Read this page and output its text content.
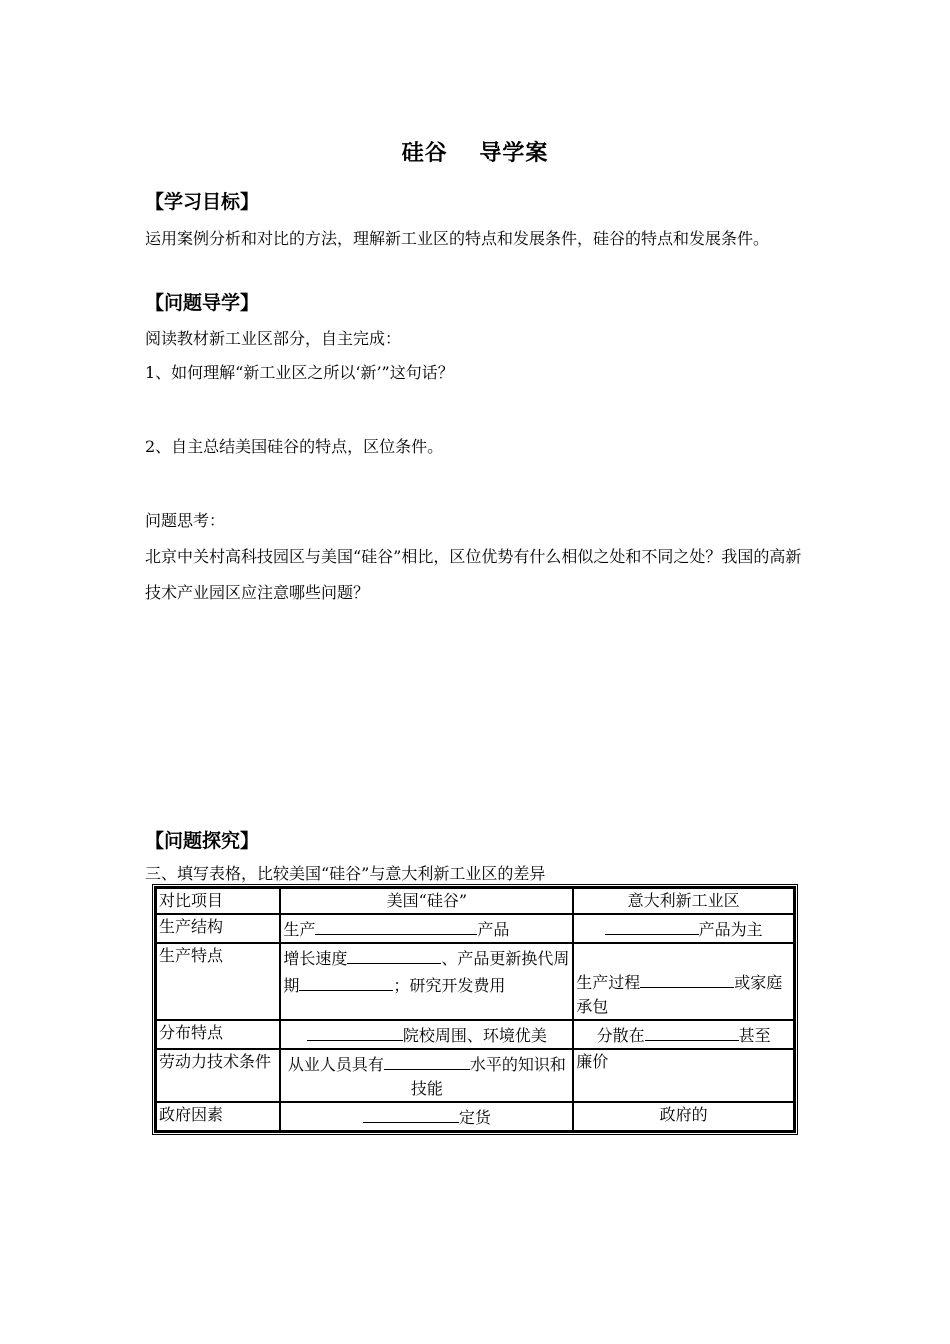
硅谷　 导学案
【学习目标】
运用案例分析和对比的方法，理解新工业区的特点和发展条件，硅谷的特点和发展条件。
【问题导学】
阅读教材新工业区部分，自主完成：
1、如何理解“新工业区之所以‘新’”这句话？
2、自主总结美国硅谷的特点，区位条件。
问题思考：
北京中关村高科技园区与美国“硅谷”相比，区位优势有什么相似之处和不同之处？我国的高新技术产业园区应注意哪些问题？
【问题探究】
三、填写表格，比较美国“硅谷”与意大利新工业区的差异
对比项目	美国“硅谷”	意大利新工业区
生产结构	生产 产品	产品为主
生产特点	增长速度 、产品更新换代周期 ；研究开发费用	生产过程 或家庭承包
分布特点	院校周围、环境优美	分散在 甚至
劳动力技术条件	从业人员具有 水平的知识和技能	廉价
政府因素	定货	政府的
